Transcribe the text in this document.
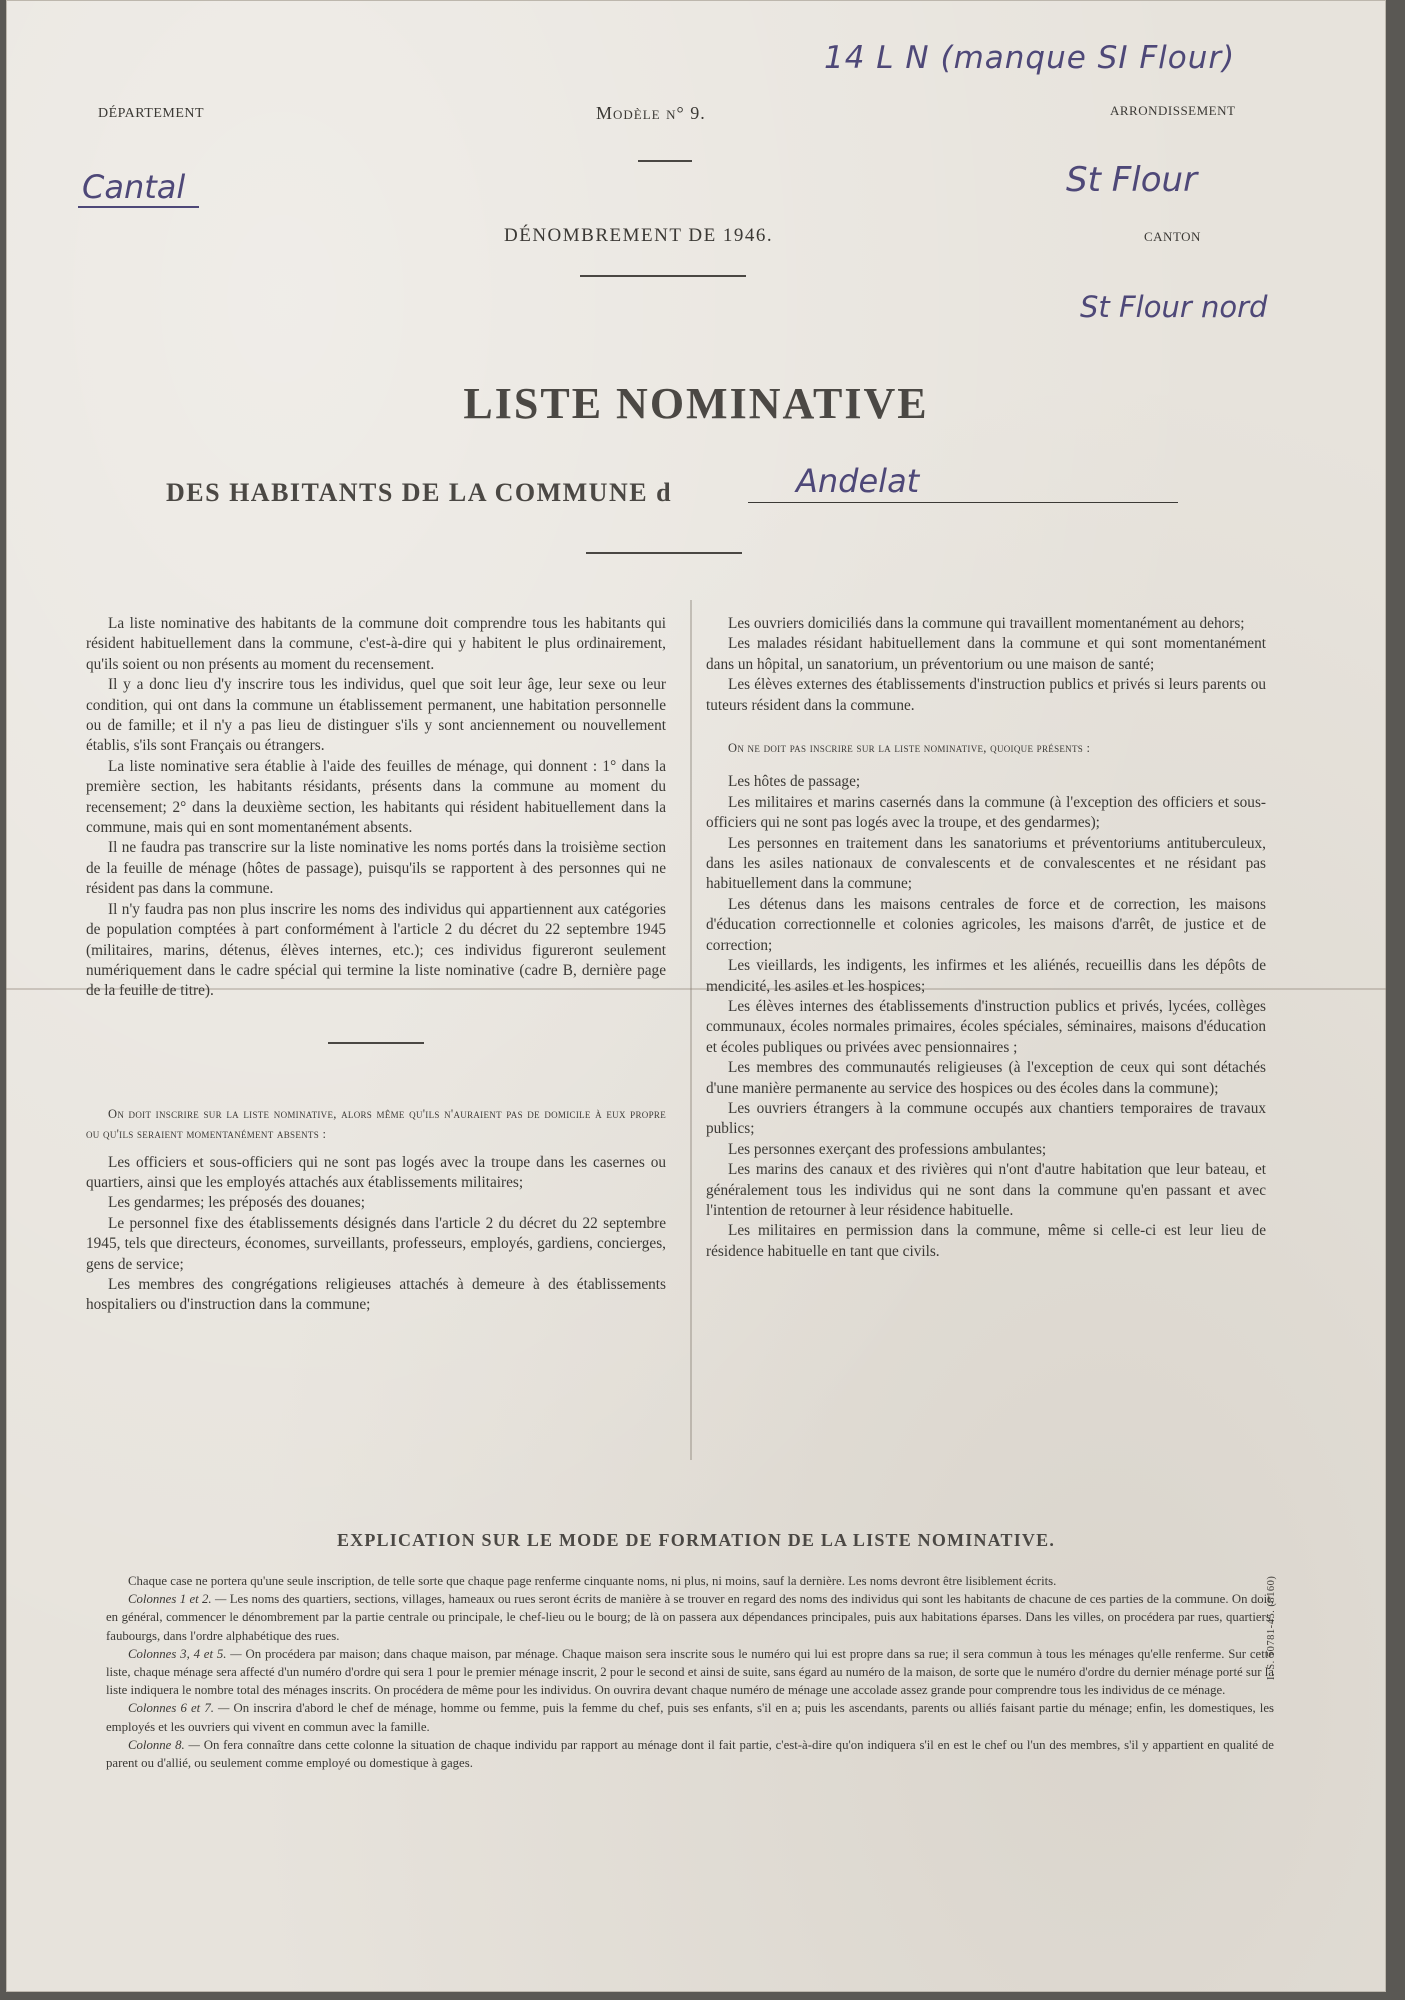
14 L N (manque SI Flour)
DÉPARTEMENT	Modèle n° 9.	ARRONDISSEMENT
Cantal	St Flour
DÉNOMBREMENT DE 1946.	CANTON
St Flour nord
LISTE NOMINATIVE
DES HABITANTS DE LA COMMUNE d	Andelat

La liste nominative des habitants de la commune doit comprendre tous les habitants qui résident habituellement dans la commune, c'est-à-dire qui y habitent le plus ordinairement, qu'ils soient ou non présents au moment du recensement.

Il y a donc lieu d'y inscrire tous les individus, quel que soit leur âge, leur sexe ou leur condition, qui ont dans la commune un établissement permanent, une habitation personnelle ou de famille; et il n'y a pas lieu de distinguer s'ils y sont anciennement ou nouvellement établis, s'ils sont Français ou étrangers.

La liste nominative sera établie à l'aide des feuilles de ménage, qui donnent : 1° dans la première section, les habitants résidants, présents dans la commune au moment du recensement; 2° dans la deuxième section, les habitants qui résident habituellement dans la commune, mais qui en sont momentanément absents.

Il ne faudra pas transcrire sur la liste nominative les noms portés dans la troisième section de la feuille de ménage (hôtes de passage), puisqu'ils se rapportent à des personnes qui ne résident pas dans la commune.

Il n'y faudra pas non plus inscrire les noms des individus qui appartiennent aux catégories de population comptées à part conformément à l'article 2 du décret du 22 septembre 1945 (militaires, marins, détenus, élèves internes, etc.); ces individus figureront seulement numériquement dans le cadre spécial qui termine la liste nominative (cadre B, dernière page de la feuille de titre).

On doit inscrire sur la liste nominative, alors même qu'ils n'auraient pas de domicile à eux propre ou qu'ils seraient momentanément absents :

Les officiers et sous-officiers qui ne sont pas logés avec la troupe dans les casernes ou quartiers, ainsi que les employés attachés aux établissements militaires;

Les gendarmes; les préposés des douanes;

Le personnel fixe des établissements désignés dans l'article 2 du décret du 22 septembre 1945, tels que directeurs, économes, surveillants, professeurs, employés, gardiens, concierges, gens de service;

Les membres des congrégations religieuses attachés à demeure à des établissements hospitaliers ou d'instruction dans la commune;

Les ouvriers domiciliés dans la commune qui travaillent momentanément au dehors;

Les malades résidant habituellement dans la commune et qui sont momentanément dans un hôpital, un sanatorium, un préventorium ou une maison de santé;

Les élèves externes des établissements d'instruction publics et privés si leurs parents ou tuteurs résident dans la commune.

On ne doit pas inscrire sur la liste nominative, quoique présents :

Les hôtes de passage;

Les militaires et marins casernés dans la commune (à l'exception des officiers et sous-officiers qui ne sont pas logés avec la troupe, et des gendarmes);

Les personnes en traitement dans les sanatoriums et préventoriums antituberculeux, dans les asiles nationaux de convalescents et de convalescentes et ne résidant pas habituellement dans la commune;

Les détenus dans les maisons centrales de force et de correction, les maisons d'éducation correctionnelle et colonies agricoles, les maisons d'arrêt, de justice et de correction;

Les vieillards, les indigents, les infirmes et les aliénés, recueillis dans les dépôts de mendicité, les asiles et les hospices;

Les élèves internes des établissements d'instruction publics et privés, lycées, collèges communaux, écoles normales primaires, écoles spéciales, séminaires, maisons d'éducation et écoles publiques ou privées avec pensionnaires ;

Les membres des communautés religieuses (à l'exception de ceux qui sont détachés d'une manière permanente au service des hospices ou des écoles dans la commune);

Les ouvriers étrangers à la commune occupés aux chantiers temporaires de travaux publics;

Les personnes exerçant des professions ambulantes;

Les marins des canaux et des rivières qui n'ont d'autre habitation que leur bateau, et généralement tous les individus qui ne sont dans la commune qu'en passant et avec l'intention de retourner à leur résidence habituelle.

Les militaires en permission dans la commune, même si celle-ci est leur lieu de résidence habituelle en tant que civils.

EXPLICATION SUR LE MODE DE FORMATION DE LA LISTE NOMINATIVE.
I. S. 50781-45. (8160)

Chaque case ne portera qu'une seule inscription, de telle sorte que chaque page renferme cinquante noms, ni plus, ni moins, sauf la dernière. Les noms devront être lisiblement écrits.

Colonnes 1 et 2. — Les noms des quartiers, sections, villages, hameaux ou rues seront écrits de manière à se trouver en regard des noms des individus qui sont les habitants de chacune de ces parties de la commune. On doit, en général, commencer le dénombrement par la partie centrale ou principale, le chef-lieu ou le bourg; de là on passera aux dépendances principales, puis aux habitations éparses. Dans les villes, on procédera par rues, quartiers, faubourgs, dans l'ordre alphabétique des rues.

Colonnes 3, 4 et 5. — On procédera par maison; dans chaque maison, par ménage. Chaque maison sera inscrite sous le numéro qui lui est propre dans sa rue; il sera commun à tous les ménages qu'elle renferme. Sur cette liste, chaque ménage sera affecté d'un numéro d'ordre qui sera 1 pour le premier ménage inscrit, 2 pour le second et ainsi de suite, sans égard au numéro de la maison, de sorte que le numéro d'ordre du dernier ménage porté sur la liste indiquera le nombre total des ménages inscrits. On procédera de même pour les individus. On ouvrira devant chaque numéro de ménage une accolade assez grande pour comprendre tous les individus de ce ménage.

Colonnes 6 et 7. — On inscrira d'abord le chef de ménage, homme ou femme, puis la femme du chef, puis ses enfants, s'il en a; puis les ascendants, parents ou alliés faisant partie du ménage; enfin, les domestiques, les employés et les ouvriers qui vivent en commun avec la famille.

Colonne 8. — On fera connaître dans cette colonne la situation de chaque individu par rapport au ménage dont il fait partie, c'est-à-dire qu'on indiquera s'il en est le chef ou l'un des membres, s'il y appartient en qualité de parent ou d'allié, ou seulement comme employé ou domestique à gages.
